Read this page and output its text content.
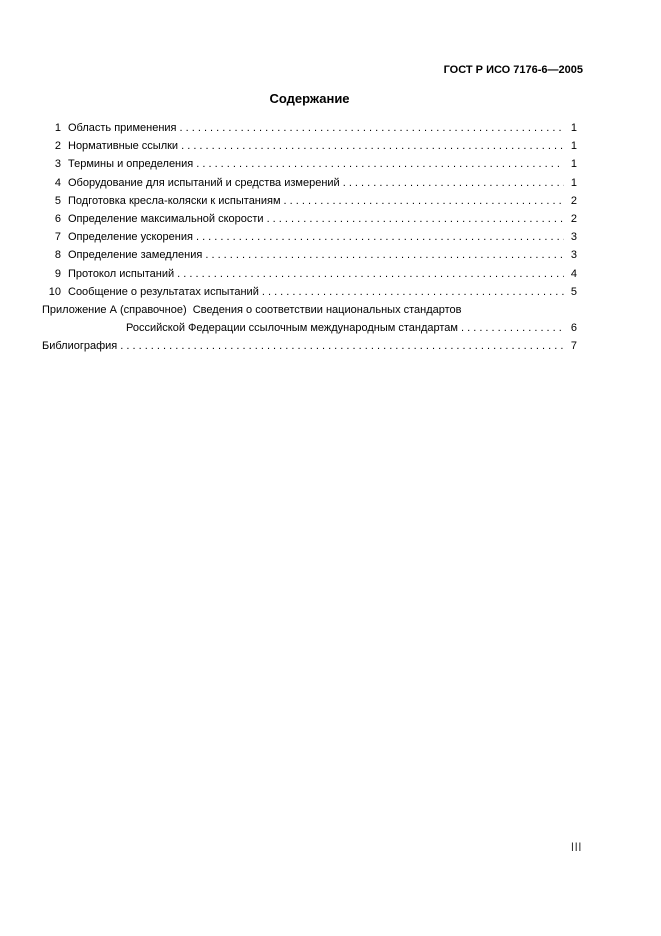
ГОСТ Р ИСО 7176-6—2005
Содержание
1 Область применения . . .	1
2 Нормативные ссылки . . .	1
3 Термины и определения . . .	1
4 Оборудование для испытаний и средства измерений . . .	1
5 Подготовка кресла-коляски к испытаниям . . .	2
6 Определение максимальной скорости . . .	2
7 Определение ускорения . . .	3
8 Определение замедления . . .	3
9 Протокол испытаний . . .	4
10 Сообщение о результатах испытаний . . .	5
Приложение А (справочное)  Сведения о соответствии национальных стандартов
Российской Федерации ссылочным международным стандартам . . .	6
Библиография . . .	7
III
